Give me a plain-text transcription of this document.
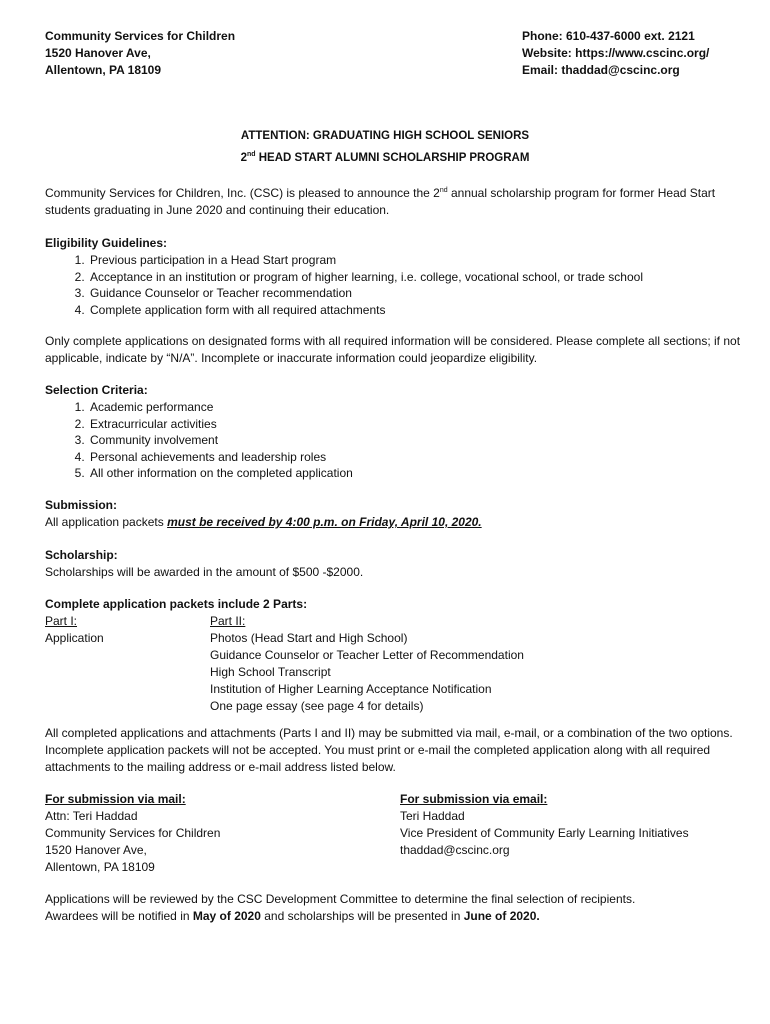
Community Services for Children
1520 Hanover Ave,
Allentown, PA 18109
Phone: 610-437-6000 ext. 2121
Website: https://www.cscinc.org/
Email: thaddad@cscinc.org
ATTENTION: GRADUATING HIGH SCHOOL SENIORS
2nd HEAD START ALUMNI SCHOLARSHIP PROGRAM
Community Services for Children, Inc. (CSC) is pleased to announce the 2nd annual scholarship program for former Head Start students graduating in June 2020 and continuing their education.
Eligibility Guidelines:
1. Previous participation in a Head Start program
2. Acceptance in an institution or program of higher learning, i.e. college, vocational school, or trade school
3. Guidance Counselor or Teacher recommendation
4. Complete application form with all required attachments
Only complete applications on designated forms with all required information will be considered. Please complete all sections; if not applicable, indicate by “N/A”. Incomplete or inaccurate information could jeopardize eligibility.
Selection Criteria:
1. Academic performance
2. Extracurricular activities
3. Community involvement
4. Personal achievements and leadership roles
5. All other information on the completed application
Submission:
All application packets must be received by 4:00 p.m. on Friday, April 10, 2020.
Scholarship:
Scholarships will be awarded in the amount of $500 -$2000.
Complete application packets include 2 Parts:
Part I:
Application
Part II:
Photos (Head Start and High School)
Guidance Counselor or Teacher Letter of Recommendation
High School Transcript
Institution of Higher Learning Acceptance Notification
One page essay (see page 4 for details)
All completed applications and attachments (Parts I and II) may be submitted via mail, e-mail, or a combination of the two options. Incomplete application packets will not be accepted. You must print or e-mail the completed application along with all required attachments to the mailing address or e-mail address listed below.
For submission via mail:
Attn: Teri Haddad
Community Services for Children
1520 Hanover Ave,
Allentown, PA 18109
For submission via email:
Teri Haddad
Vice President of Community Early Learning Initiatives
thaddad@cscinc.org
Applications will be reviewed by the CSC Development Committee to determine the final selection of recipients.
Awardees will be notified in May of 2020 and scholarships will be presented in June of 2020.
